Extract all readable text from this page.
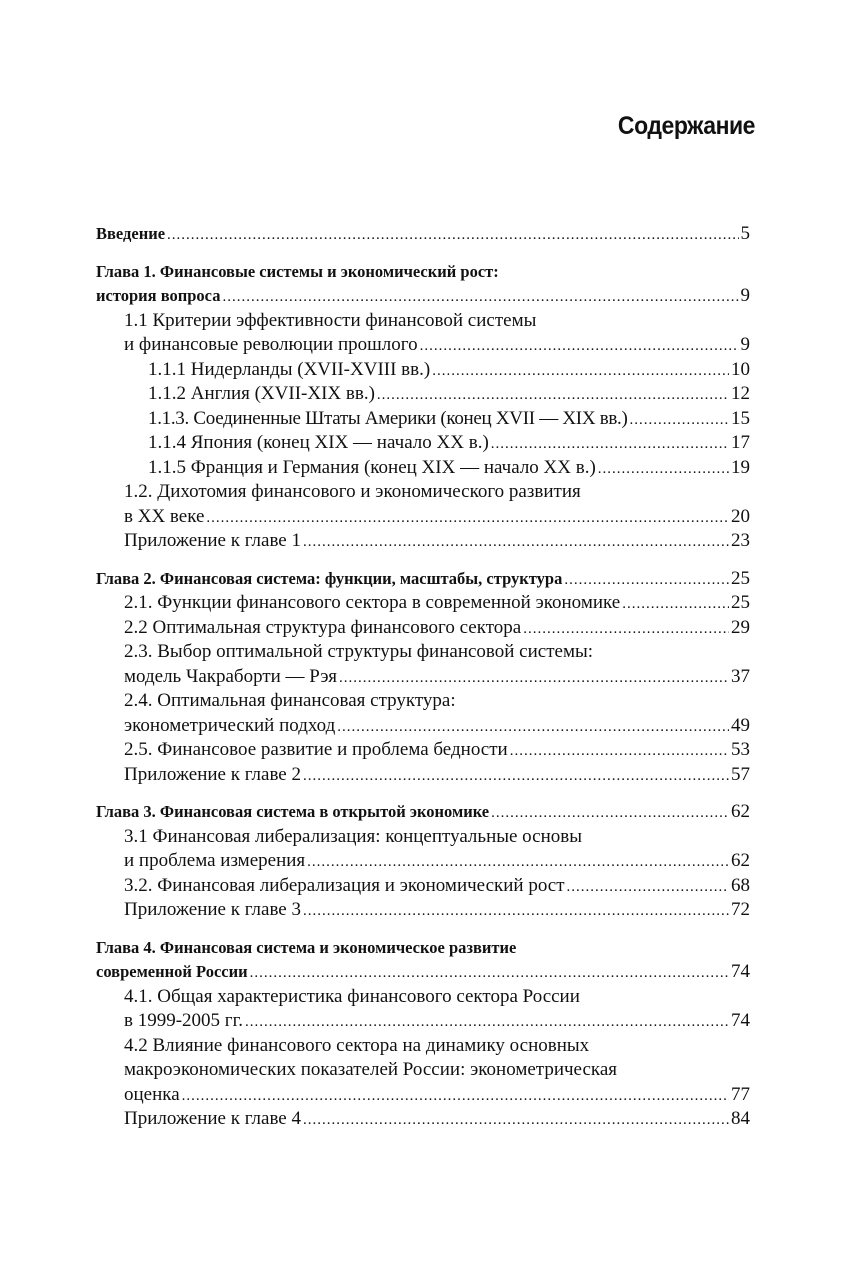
Содержание
Введение .....	5
Глава 1. Финансовые системы и экономический рост:
история вопроса .....	9
1.1 Критерии эффективности финансовой системы
и финансовые революции прошлого .....	9
1.1.1 Нидерланды (XVII-XVIII вв.) .....	10
1.1.2 Англия (XVII-XIX вв.) .....	12
1.1.3. Соединенные Штаты Америки (конец XVII — XIX вв.) .....	15
1.1.4 Япония (конец XIX — начало XX в.) .....	17
1.1.5 Франция и Германия (конец XIX — начало XX в.) .....	19
1.2. Дихотомия финансового и экономического развития
в XX веке .....	20
Приложение к главе 1 .....	23
Глава 2. Финансовая система: функции, масштабы, структура .....	25
2.1. Функции финансового сектора в современной экономике .....	25
2.2 Оптимальная структура финансового сектора .....	29
2.3. Выбор оптимальной структуры финансовой системы:
модель Чакраборти — Рэя .....	37
2.4. Оптимальная финансовая структура:
эконометрический подход .....	49
2.5. Финансовое развитие и проблема бедности .....	53
Приложение к главе 2 .....	57
Глава 3. Финансовая система в открытой экономике .....	62
3.1 Финансовая либерализация: концептуальные основы
и проблема измерения .....	62
3.2. Финансовая либерализация и экономический рост .....	68
Приложение к главе 3 .....	72
Глава 4. Финансовая система и экономическое развитие
современной России .....	74
4.1. Общая характеристика финансового сектора России
в 1999-2005 гг. .....	74
4.2 Влияние финансового сектора на динамику основных
макроэкономических показателей России: эконометрическая
оценка .....	77
Приложение к главе 4 .....	84
